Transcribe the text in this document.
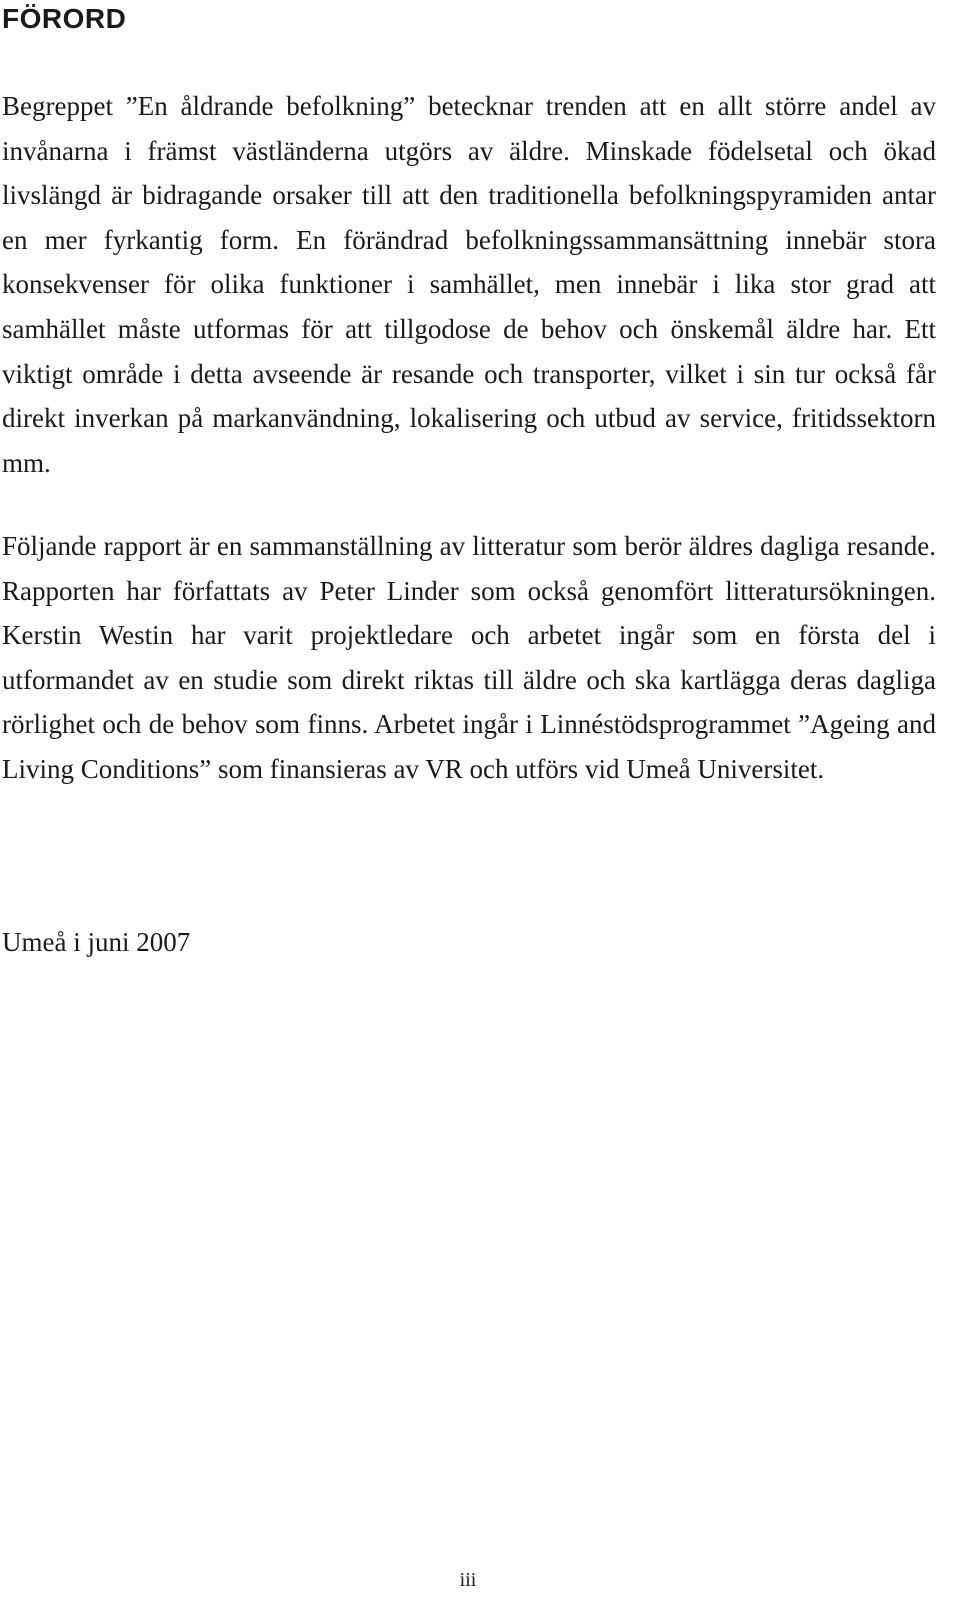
FÖRORD

Begreppet ”En åldrande befolkning” betecknar trenden att en allt större andel av invånarna i främst västländerna utgörs av äldre. Minskade födelsetal och ökad livslängd är bidragande orsaker till att den traditionella befolkningspyramiden antar en mer fyrkantig form. En förändrad befolkningssammansättning innebär stora konsekvenser för olika funktioner i samhället, men innebär i lika stor grad att samhället måste utformas för att tillgodose de behov och önskemål äldre har. Ett viktigt område i detta avseende är resande och transporter, vilket i sin tur också får direkt inverkan på markanvändning, lokalisering och utbud av service, fritidssektorn mm.

Följande rapport är en sammanställning av litteratur som berör äldres dagliga resande. Rapporten har författats av Peter Linder som också genomfört litteratursökningen. Kerstin Westin har varit projektledare och arbetet ingår som en första del i utformandet av en studie som direkt riktas till äldre och ska kartlägga deras dagliga rörlighet och de behov som finns. Arbetet ingår i Linnéstödsprogrammet ”Ageing and Living Conditions” som finansieras av VR och utförs vid Umeå Universitet.

Umeå i juni 2007

iii
